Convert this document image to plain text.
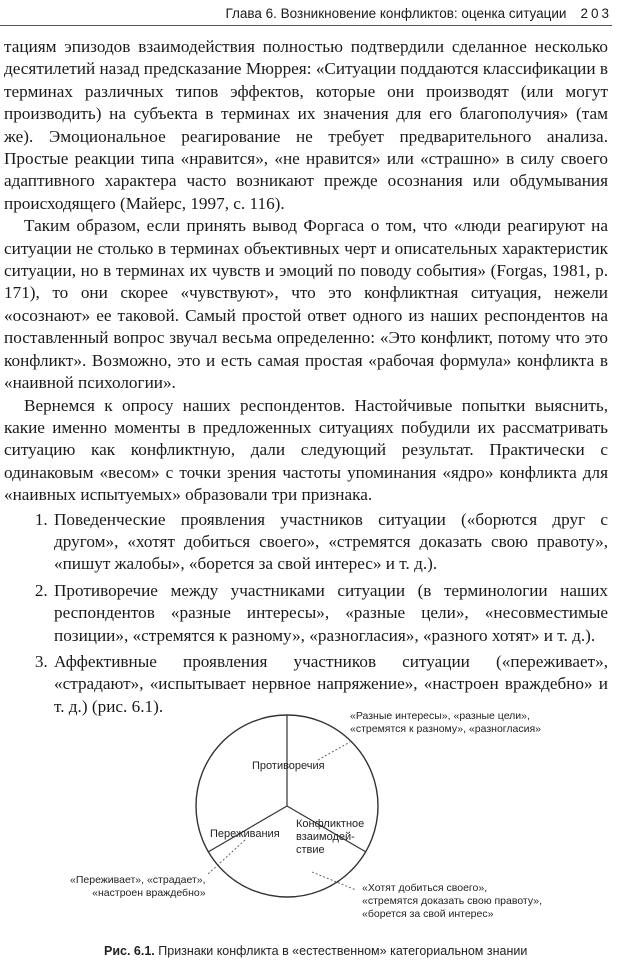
Глава 6. Возникновение конфликтов: оценка ситуации 203

тациям эпизодов взаимодействия полностью подтвердили сделанное несколько десятилетий назад предсказание Мюррея: «Ситуации поддаются классификации в терминах различных типов эффектов, которые они производят (или могут производить) на субъекта в терминах их значения для его благополучия» (там же). Эмоциональное реагирование не требует предварительного анализа. Простые реакции типа «нравится», «не нравится» или «страшно» в силу своего адаптивного характера часто возникают прежде осознания или обдумывания происходящего (Майерс, 1997, с. 116).

Таким образом, если принять вывод Форгаса о том, что «люди реагируют на ситуации не столько в терминах объективных черт и описательных характеристик ситуации, но в терминах их чувств и эмоций по поводу события» (Forgas, 1981, p. 171), то они скорее «чувствуют», что это конфликтная ситуация, нежели «осознают» ее таковой. Самый простой ответ одного из наших респондентов на поставленный вопрос звучал весьма определенно: «Это конфликт, потому что это конфликт». Возможно, это и есть самая простая «рабочая формула» конфликта в «наивной психологии».

Вернемся к опросу наших респондентов. Настойчивые попытки выяснить, какие именно моменты в предложенных ситуациях побудили их рассматривать ситуацию как конфликтную, дали следующий результат. Практически с одинаковым «весом» с точки зрения частоты упоминания «ядро» конфликта для «наивных испытуемых» образовали три признака.

1. Поведенческие проявления участников ситуации («борются друг с другом», «хотят добиться своего», «стремятся доказать свою правоту», «пишут жалобы», «борется за свой интерес» и т. д.).
2. Противоречие между участниками ситуации (в терминологии наших респондентов «разные интересы», «разные цели», «несовместимые позиции», «стремятся к разному», «разногласия», «разного хотят» и т. д.).
3. Аффективные проявления участников ситуации («переживает», «страдают», «испытывает нервное напряжение», «настроен враждебно» и т. д.) (рис. 6.1).
«Разные интересы», «разные цели»,
«стремятся к разному», «разногласия»
«Переживает», «страдает»,
«настроен враждебно»	«Хотят добиться своего»,
«стремятся доказать свою правоту»,
«борется за свой интерес»
Противоречия
Переживания
Конфликтное
взаимодей-
ствие
Рис. 6.1. Признаки конфликта в «естественном» категориальном знании
